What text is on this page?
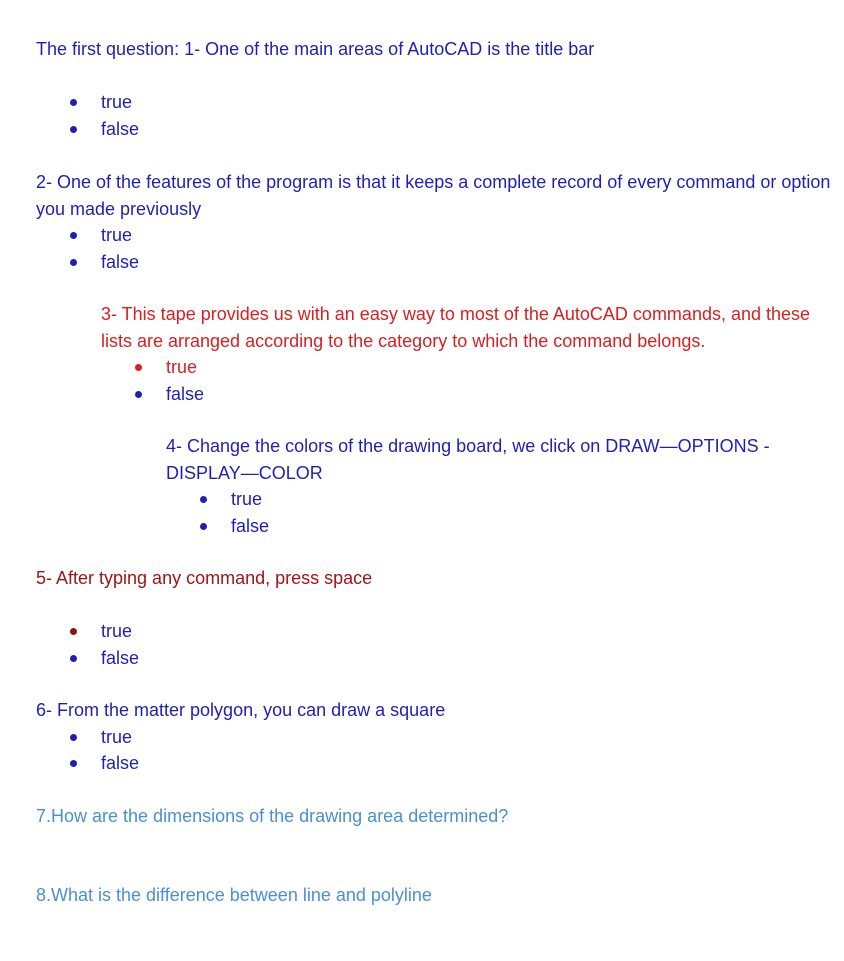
The first question: 1- One of the main areas of AutoCAD is the title bar

true
false

2- One of the features of the program is that it keeps a complete record of every command or option you made previously

true
false

3- This tape provides us with an easy way to most of the AutoCAD commands, and these lists are arranged according to the category to which the command belongs.

true
false

4- Change the colors of the drawing board, we click on DRAW—OPTIONS -DISPLAY—COLOR

true
false

5- After typing any command, press space

true
false

6- From the matter polygon, you can draw a square

true
false

7.How are the dimensions of the drawing area determined?

8.What is the difference between line and polyline
